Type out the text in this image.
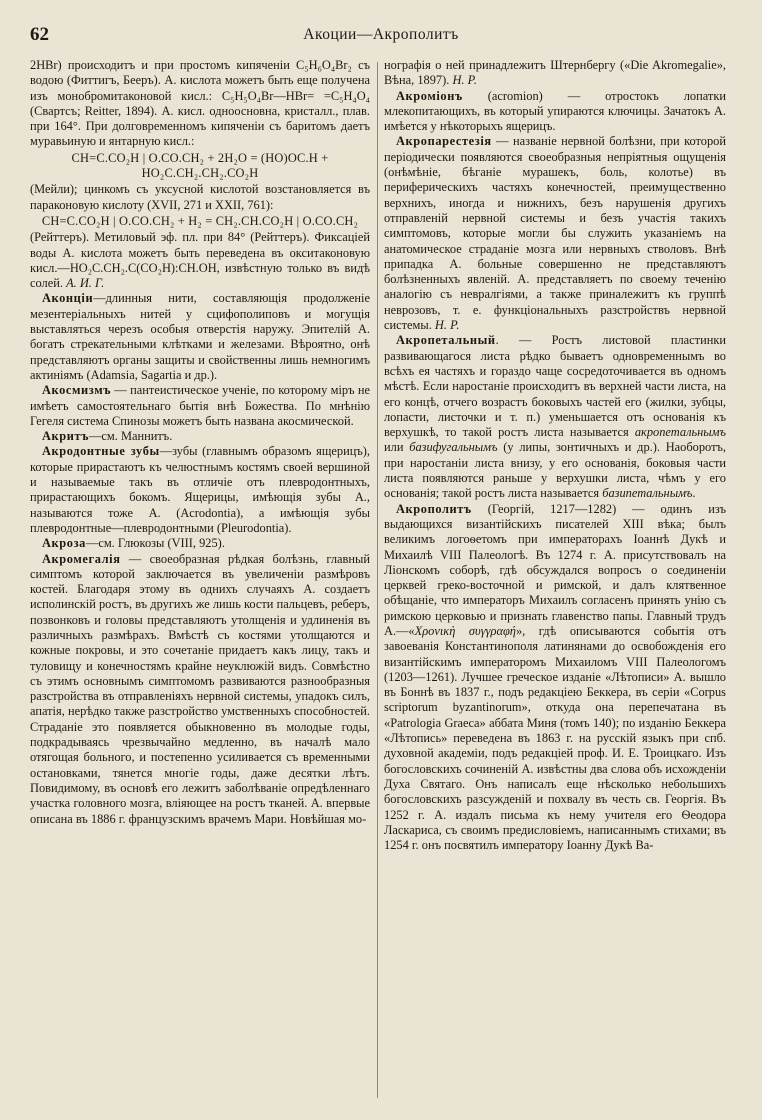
62	Акоции—Акрополитъ

2НВr) происходитъ и при простомъ кипяченіи C₅H₆O₄Br₂ съ водою (Фиттигъ, Бееръ). А. кислота можетъ быть еще получена изъ монобромитаконовой кисл.: C₅H₅O₄Br—HBr= =C₅H₄O₄ (Свартсъ; Reitter, 1894). А. кисл. одноосновна, кристалл., плав. при 164°. При долговременномъ кипяченіи съ баритомъ даетъ муравьиную и янтарную кисл.:

CH=C.CO₂H | O.CO.CH₂ + 2H₂O = (HO)OC.H + HO₂C.CH₂.CH₂.CO₂H

(Мейли); цинкомъ съ уксусной кислотой возстановляется въ параконовую кислоту (XVII, 271 и XXII, 761):

CH=C.CO₂H | O.CO.CH₂ + H₂ = CH₂.CH.CO₂H | O.CO.CH₂

(Рейттеръ). Метиловый эф. пл. при 84° (Рейттеръ). Фиксаціей воды А. кислота можетъ быть переведена въ окситаконовую кисл.—HO₂C.CH₂.C(CO₂H):CH.OH, извѣстную только въ видѣ солей. А. И. Г.

Аконціи—длинныя нити, составляющія продолженіе мезентеріальныхъ нитей у сцифополиповъ и могущія выставляться черезъ особыя отверстія наружу. Эпителій А. богатъ стрекательными клѣтками и железами. Вѣроятно, онѣ представляютъ органы защиты и свойственны лишь немногимъ актиніямъ (Adamsia, Sagartia и др.).

Акосмизмъ — пантеистическое ученіе, по которому міръ не имѣетъ самостоятельнаго бытія внѣ Божества. По мнѣнію Гегеля система Спинозы можетъ быть названа акосмической.

Акритъ—см. Маннитъ.

Акродонтные зубы—зубы (главнымъ образомъ ящерицъ), которые прирастаютъ къ челюстнымъ костямъ своей вершиной и называемые такъ въ отличіе отъ плевродонтныхъ, прирастающихъ бокомъ. Ящерицы, имѣющія зубы А., называются тоже А. (Acrodontia), а имѣющія зубы плевродонтные—плевродонтными (Pleurodontia).

Акроза—см. Глюкозы (VIII, 925).

Акромегалія — своеобразная рѣдкая болѣзнь, главный симптомъ которой заключается въ увеличеніи размѣровъ костей. Благодаря этому въ однихъ случаяхъ А. создаетъ исполинскій ростъ, въ другихъ же лишь кости пальцевъ, реберъ, позвонковъ и головы представляютъ утолщенія и удлиненія въ различныхъ размѣрахъ. Вмѣстѣ съ костями утолщаются и кожные покровы, и это сочетаніе придаетъ какъ лицу, такъ и туловищу и конечностямъ крайне неуклюжій видъ. Совмѣстно съ этимъ основнымъ симптомомъ развиваются разнообразныя разстройства въ отправленіяхъ нервной системы, упадокъ силъ, апатія, нерѣдко также разстройство умственныхъ способностей. Страданіе это появляется обыкновенно въ молодые годы, подкрадываясь чрезвычайно медленно, въ началѣ мало отягощая больного, и постепенно усиливается съ временными остановками, тянется многіе годы, даже десятки лѣтъ. Повидимому, въ основѣ его лежитъ заболѣваніе опредѣленнаго участка головного мозга, вліяющее на ростъ тканей. А. впервые описана въ 1886 г. французскимъ врачемъ Мари. Новѣйшая мо-

нографія о ней принадлежитъ Штернбергу («Die Akromegalie», Вѣна, 1897). Н. Р.

Акроміонъ (acromion) — отростокъ лопатки млекопитающихъ, въ который упираются ключицы. Зачатокъ А. имѣется у нѣкоторыхъ ящерицъ.

Акропарестезія — названіе нервной болѣзни, при которой періодически появляются своеобразныя непріятныя ощущенія (онѣмѣніе, бѣганіе мурашекъ, боль, колотье) въ периферическихъ частяхъ конечностей, преимущественно верхнихъ, иногда и нижнихъ, безъ нарушенія другихъ отправленій нервной системы и безъ участія такихъ симптомовъ, которые могли бы служить указаніемъ на анатомическое страданіе мозга или нервныхъ стволовъ. Внѣ припадка А. больные совершенно не представляютъ болѣзненныхъ явленій. А. представляетъ по своему теченію аналогію съ невралгіями, а также приналежитъ къ группѣ неврозовъ, т. е. функціональныхъ разстройствъ нервной системы. Н. Р.

Акропетальный. — Ростъ листовой пластинки развивающагося листа рѣдко бываетъ одновременнымъ во всѣхъ ея частяхъ и гораздо чаще сосредоточивается въ одномъ мѣстѣ. Если наростаніе происходитъ въ верхней части листа, на его концѣ, отчего возрастъ боковыхъ частей его (жилки, зубцы, лопасти, листочки и т. п.) уменьшается отъ основанія къ верхушкѣ, то такой ростъ листа называется акропетальнымъ или базифугальнымъ (у липы, зонтичныхъ и др.). Наоборотъ, при наростаніи листа внизу, у его основанія, боковыя части листа появляются раньше у верхушки листа, чѣмъ у его основанія; такой ростъ листа называется базипетальнымъ.

Акрополитъ (Георгій, 1217—1282) — одинъ изъ выдающихся византійскихъ писателей XIII вѣка; былъ великимъ логоѳетомъ при императорахъ Іоаннѣ Дукѣ и Михаилѣ VIII Палеологѣ. Въ 1274 г. А. присутствовалъ на Ліонскомъ соборѣ, гдѣ обсуждался вопросъ о соединеніи церквей греко-восточной и римской, и далъ клятвенное обѣщаніе, что императоръ Михаилъ согласенъ принять унію съ римскою церковью и признать главенство папы. Главный трудъ А.—«Χρονικὴ συγγραφή», гдѣ описываются событія отъ завоеванія Константинополя латинянами до освобожденія его византійскимъ императоромъ Михаиломъ VIII Палеологомъ (1203—1261). Лучшее греческое изданіе «Лѣтописи» А. вышло въ Боннѣ въ 1837 г., подъ редакціею Беккера, въ серіи «Corpus scriptorum byzantinorum», откуда она перепечатана въ «Patrologia Graeca» аббата Миня (томъ 140); по изданію Беккера «Лѣтопись» переведена въ 1863 г. на русскій языкъ при спб. духовной академіи, подъ редакціей проф. И. Е. Троицкаго. Изъ богословскихъ сочиненій А. извѣстны два слова объ исхожденіи Духа Святаго. Онъ написалъ еще нѣсколько небольшихъ богословскихъ разсужденій и похвалу въ честь св. Георгія. Въ 1252 г. А. издалъ письма къ нему учителя его Ѳеодора Ласкариса, съ своимъ предисловіемъ, написаннымъ стихами; въ 1254 г. онъ посвятилъ императору Іоанну Дукѣ Ва-
